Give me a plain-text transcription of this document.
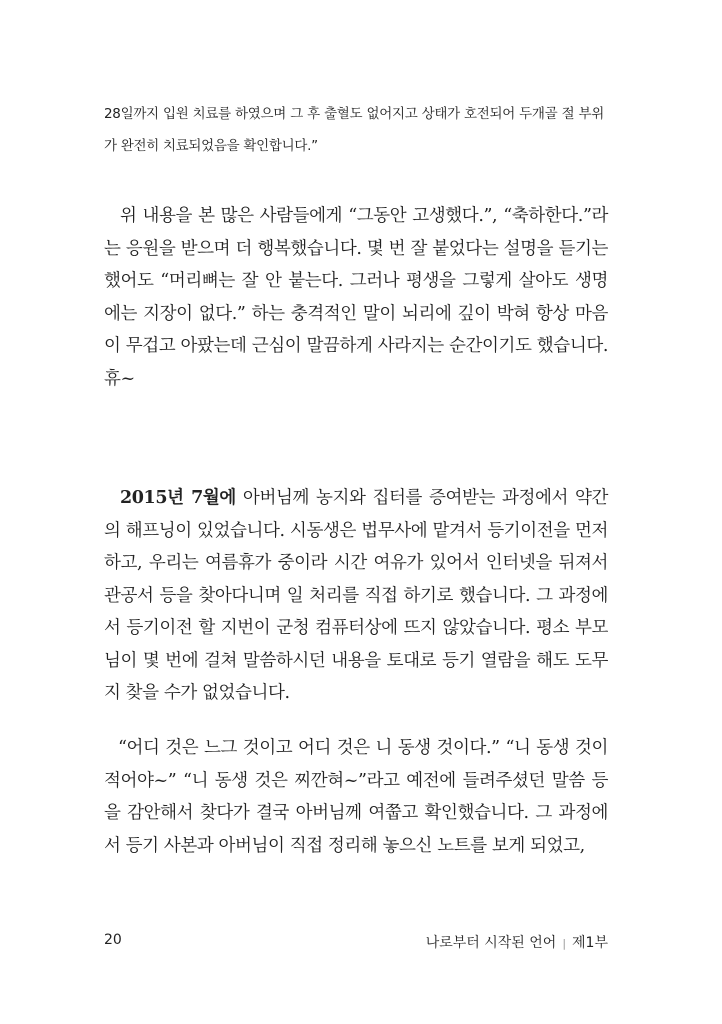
28일까지 입원 치료를 하였으며 그 후 출혈도 없어지고 상태가 호전되어 두개골 절 부위가 완전히 치료되었음을 확인합니다.”

위 내용을 본 많은 사람들에게 “그동안 고생했다.”, “축하한다.”라는 응원을 받으며 더 행복했습니다. 몇 번 잘 붙었다는 설명을 듣기는 했어도 “머리뼈는 잘 안 붙는다. 그러나 평생을 그렇게 살아도 생명에는 지장이 없다.” 하는 충격적인 말이 뇌리에 깊이 박혀 항상 마음이 무겁고 아팠는데 근심이 말끔하게 사라지는 순간이기도 했습니다.휴~

2015년 7월에 아버님께 농지와 집터를 증여받는 과정에서 약간의 해프닝이 있었습니다. 시동생은 법무사에 맡겨서 등기이전을 먼저 하고, 우리는 여름휴가 중이라 시간 여유가 있어서 인터넷을 뒤져서 관공서 등을 찾아다니며 일 처리를 직접 하기로 했습니다. 그 과정에서 등기이전 할 지번이 군청 컴퓨터상에 뜨지 않았습니다. 평소 부모님이 몇 번에 걸쳐 말씀하시던 내용을 토대로 등기 열람을 해도 도무지 찾을 수가 없었습니다.

“어디 것은 느그 것이고 어디 것은 니 동생 것이다.” “니 동생 것이 적어야~” “니 동생 것은 찌깐혀~”라고 예전에 들려주셨던 말씀 등을 감안해서 찾다가 결국 아버님께 여쭙고 확인했습니다. 그 과정에서 등기 사본과 아버님이 직접 정리해 놓으신 노트를 보게 되었고,

20	나로부터 시작된 언어 | 제1부
